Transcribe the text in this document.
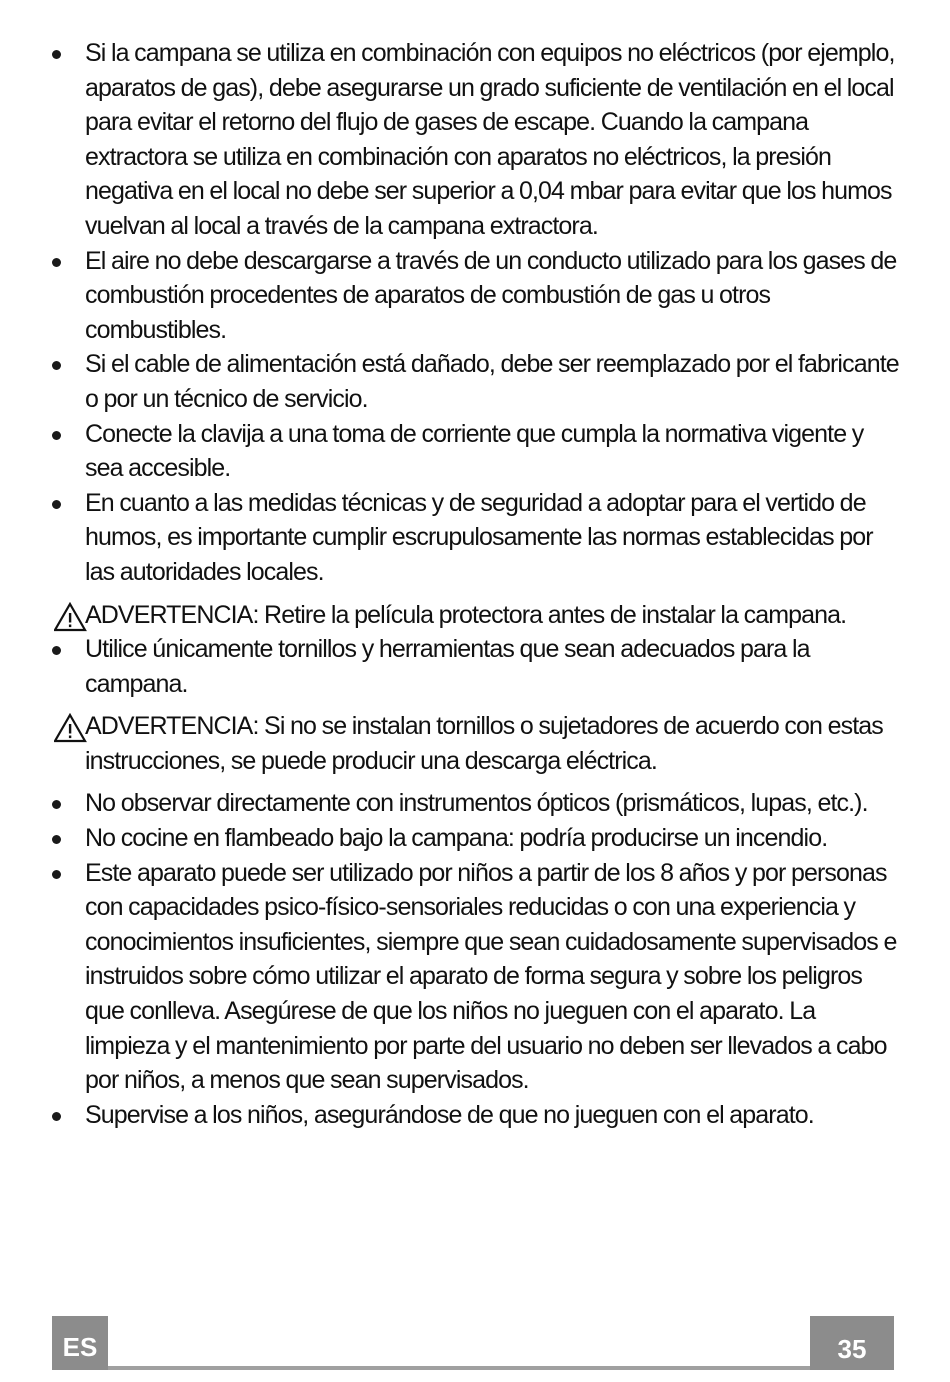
Si la campana se utiliza en combinación con equipos no eléctricos (por ejemplo, aparatos de gas), debe asegurarse un grado suficiente de ventilación en el local para evitar el retorno del flujo de gases de escape. Cuando la campana extractora se utiliza en combinación con aparatos no eléctricos, la presión negativa en el local no debe ser superior a 0,04 mbar para evitar que los humos vuelvan al local a través de la campana extractora.
El aire no debe descargarse a través de un conducto utilizado para los gases de combustión procedentes de aparatos de combustión de gas u otros combustibles.
Si el cable de alimentación está dañado, debe ser reemplazado por el fabricante o por un técnico de servicio.
Conecte la clavija a una toma de corriente que cumpla la normativa vigente y sea accesible.
En cuanto a las medidas técnicas y de seguridad a adoptar para el vertido de humos, es importante cumplir escrupulosamente las normas establecidas por las autoridades locales.
ADVERTENCIA: Retire la película protectora antes de instalar la campana.
Utilice únicamente tornillos y herramientas que sean adecuados para la campana.
ADVERTENCIA: Si no se instalan tornillos o sujetadores de acuerdo con estas instrucciones, se puede producir una descarga eléctrica.
No observar directamente con instrumentos ópticos (prismáticos, lupas, etc.).
No cocine en flambeado bajo la campana: podría producirse un incendio.
Este aparato puede ser utilizado por niños a partir de los 8 años y por personas con capacidades psico-físico-sensoriales reducidas o con una experiencia y conocimientos insuficientes, siempre que sean cuidadosamente supervisados e instruidos sobre cómo utilizar el aparato de forma segura y sobre los peligros que conlleva. Asegúrese de que los niños no jueguen con el aparato. La limpieza y el mantenimiento por parte del usuario no deben ser llevados a cabo por niños, a menos que sean supervisados.
Supervise a los niños, asegurándose de que no jueguen con el aparato.
ES	35
